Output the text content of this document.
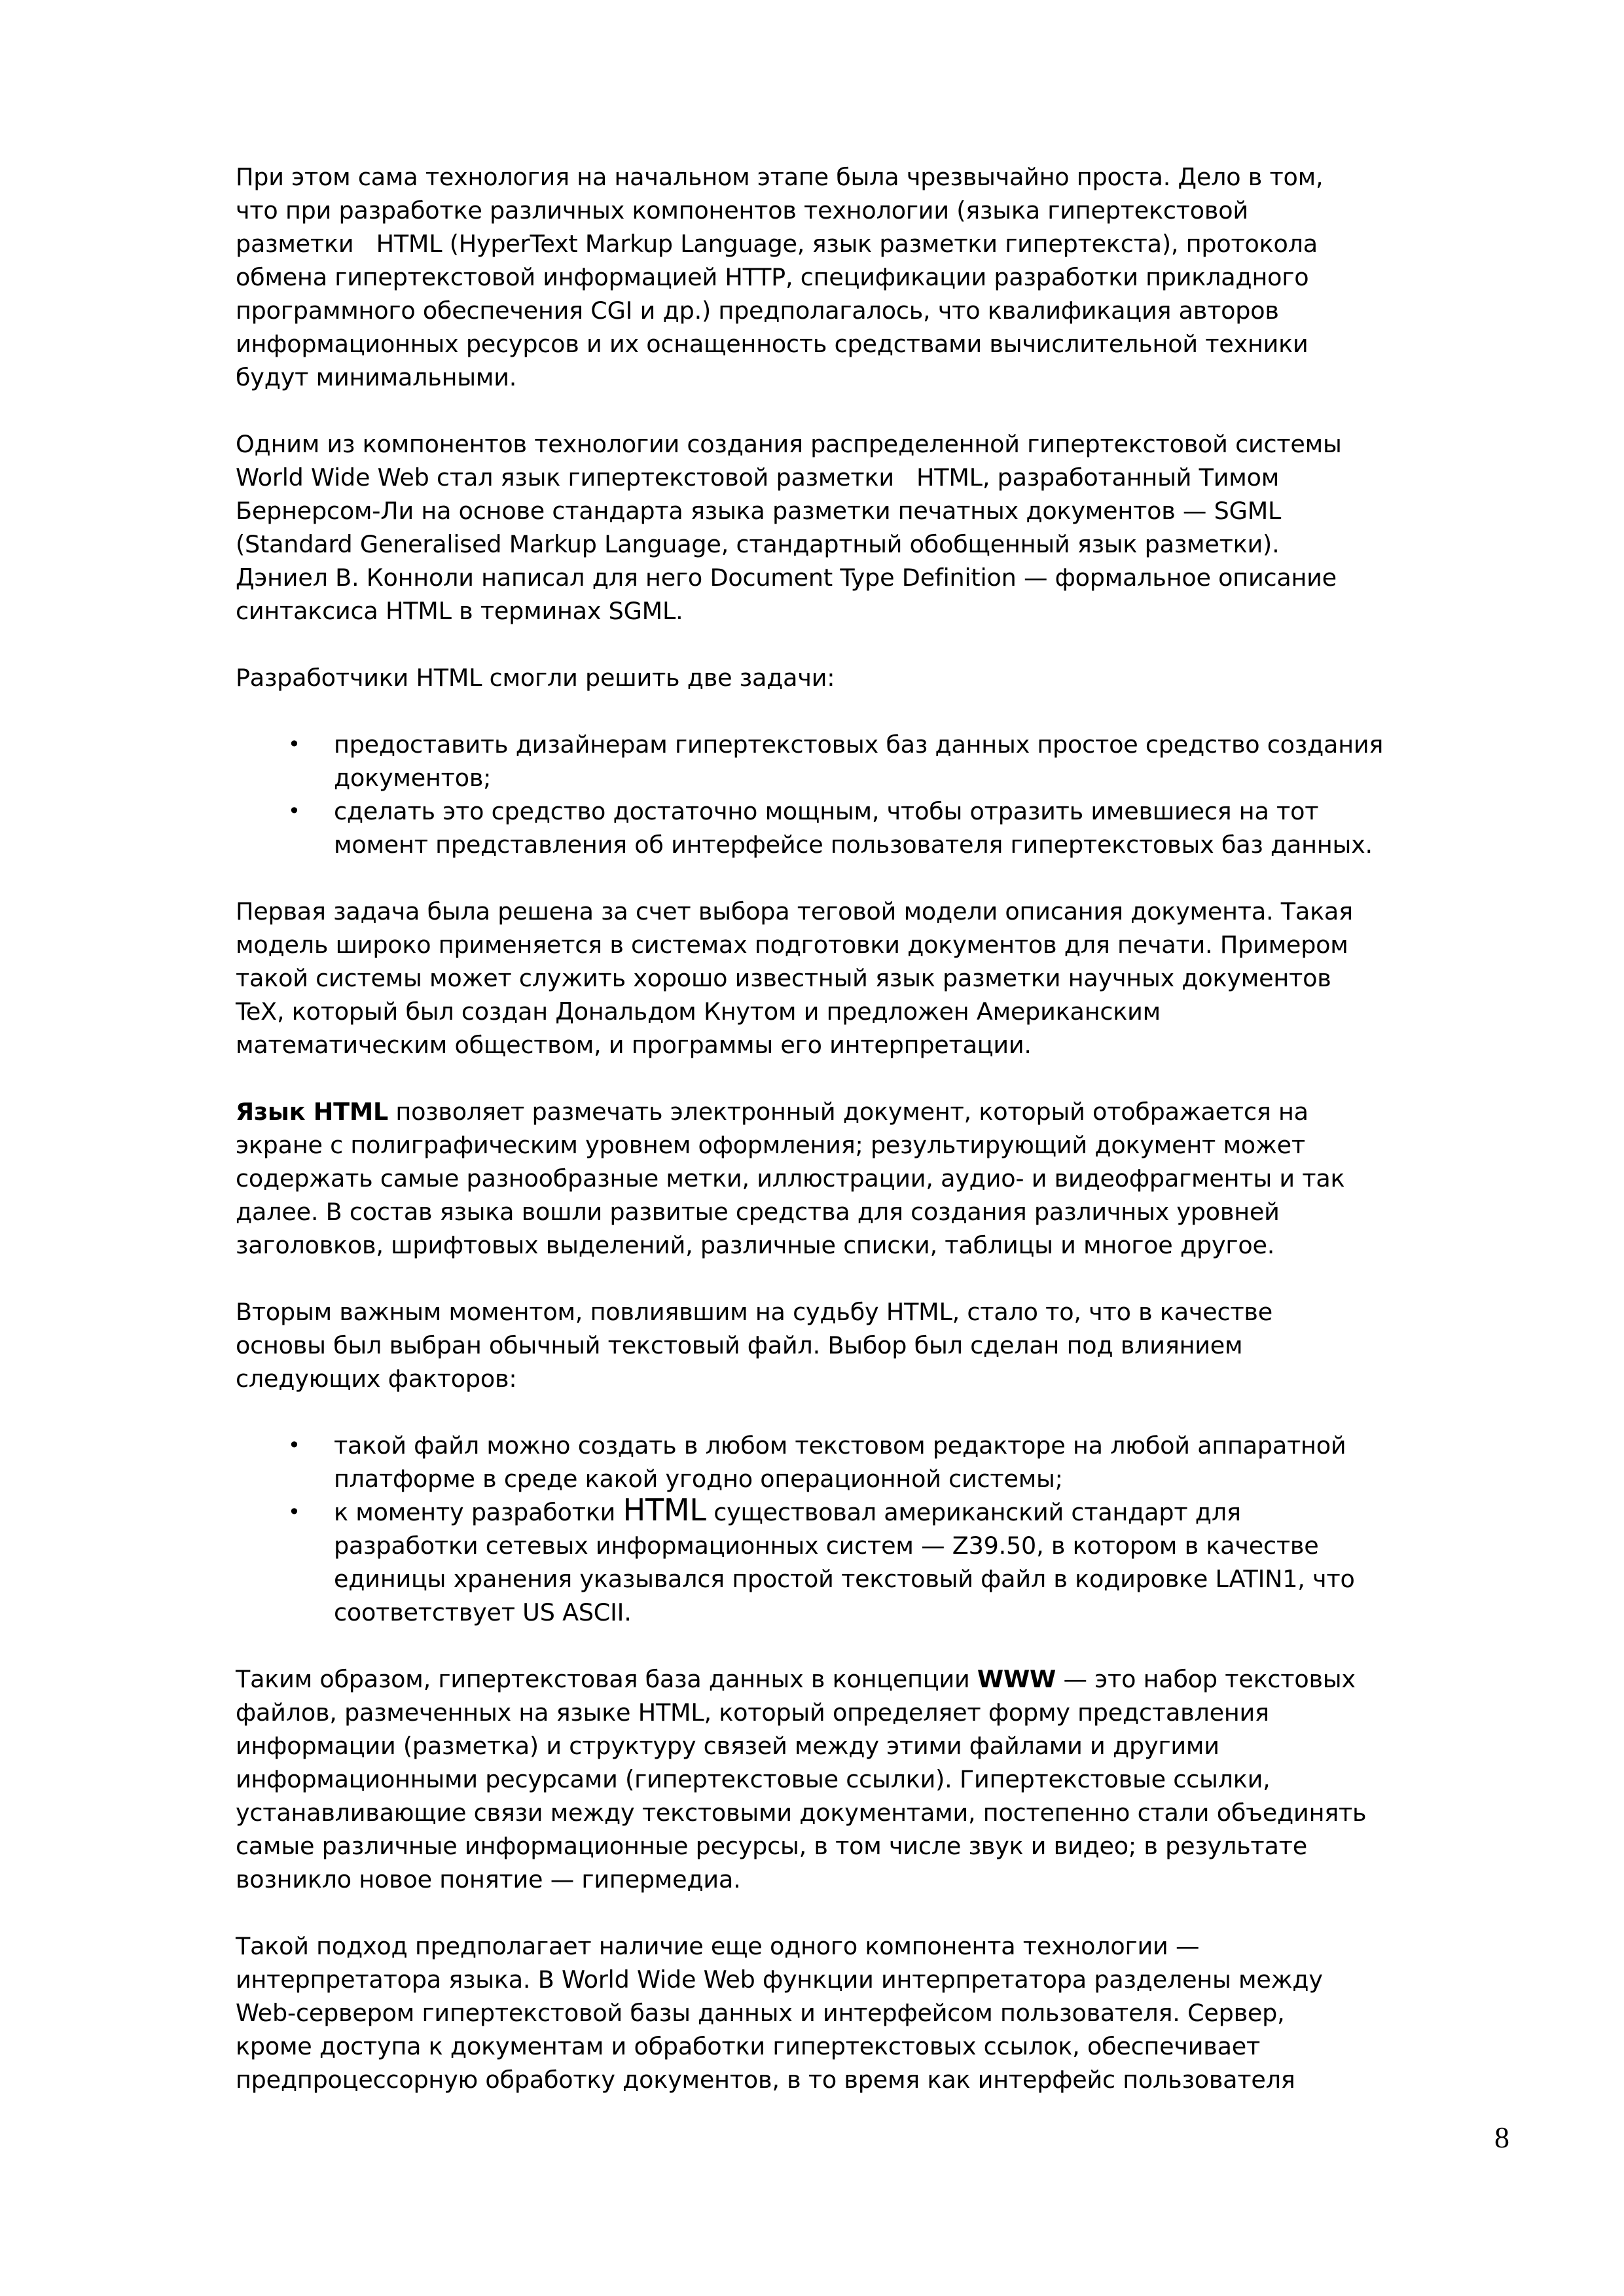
При этом сама технология на начальном этапе была чрезвычайно проста. Дело в том,
что при разработке различных компонентов технологии (языка гипертекстовой
разметки   HTML (HyperText Markup Language, язык разметки гипертекста), протокола
обмена гипертекстовой информацией HTTP, спецификации разработки прикладного
программного обеспечения CGI и др.) предполагалось, что квалификация авторов
информационных ресурсов и их оснащенность средствами вычислительной техники
будут минимальными.
Одним из компонентов технологии создания распределенной гипертекстовой системы
World Wide Web стал язык гипертекстовой разметки   HTML, разработанный Тимом
Бернерсом-Ли на основе стандарта языка разметки печатных документов — SGML
(Standard Generalised Markup Language, стандартный обобщенный язык разметки).
Дэниел В. Конноли написал для него Document Type Definition — формальное описание
синтаксиса HTML в терминах SGML.
Разработчики HTML смогли решить две задачи:
• предоставить дизайнерам гипертекстовых баз данных простое средство создания
документов;
• сделать это средство достаточно мощным, чтобы отразить имевшиеся на тот
момент представления об интерфейсе пользователя гипертекстовых баз данных.
Первая задача была решена за счет выбора теговой модели описания документа. Такая
модель широко применяется в системах подготовки документов для печати. Примером
такой системы может служить хорошо известный язык разметки научных документов
TeX, который был создан Дональдом Кнутом и предложен Американским
математическим обществом, и программы его интерпретации.
Язык HTML позволяет размечать электронный документ, который отображается на
экране с полиграфическим уровнем оформления; результирующий документ может
содержать самые разнообразные метки, иллюстрации, аудио- и видеофрагменты и так
далее. В состав языка вошли развитые средства для создания различных уровней
заголовков, шрифтовых выделений, различные списки, таблицы и многое другое.
Вторым важным моментом, повлиявшим на судьбу HTML, стало то, что в качестве
основы был выбран обычный текстовый файл. Выбор был сделан под влиянием
следующих факторов:
• такой файл можно создать в любом текстовом редакторе на любой аппаратной
платформе в среде какой угодно операционной системы;
• к моменту разработки HTML существовал американский стандарт для
разработки сетевых информационных систем — Z39.50, в котором в качестве
единицы хранения указывался простой текстовый файл в кодировке LATIN1, что
соответствует US ASCII.
Таким образом, гипертекстовая база данных в концепции WWW — это набор текстовых
файлов, размеченных на языке HTML, который определяет форму представления
информации (разметка) и структуру связей между этими файлами и другими
информационными ресурсами (гипертекстовые ссылки). Гипертекстовые ссылки,
устанавливающие связи между текстовыми документами, постепенно стали объединять
самые различные информационные ресурсы, в том числе звук и видео; в результате
возникло новое понятие — гипермедиа.
Такой подход предполагает наличие еще одного компонента технологии —
интерпретатора языка. В World Wide Web функции интерпретатора разделены между
Web-сервером гипертекстовой базы данных и интерфейсом пользователя. Сервер,
кроме доступа к документам и обработки гипертекстовых ссылок, обеспечивает
предпроцессорную обработку документов, в то время как интерфейс пользователя
8
